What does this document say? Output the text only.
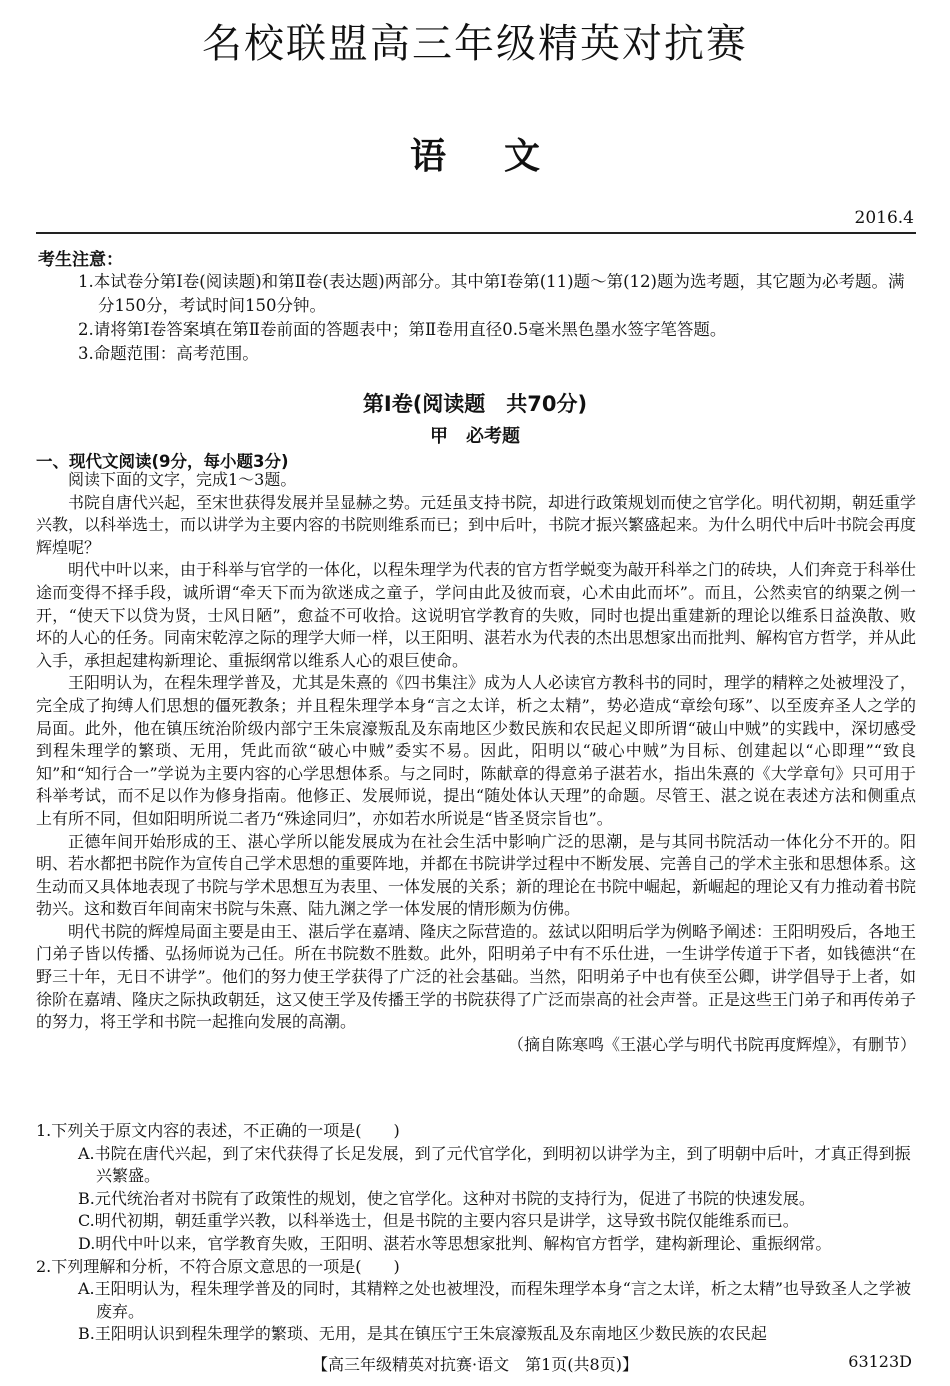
名校联盟高三年级精英对抗赛
语文
2016.4
考生注意：

1.本试卷分第Ⅰ卷(阅读题)和第Ⅱ卷(表达题)两部分。其中第Ⅰ卷第(11)题～第(12)题为选考题，其它题为必考题。满分150分，考试时间150分钟。

2.请将第Ⅰ卷答案填在第Ⅱ卷前面的答题表中；第Ⅱ卷用直径0.5毫米黑色墨水签字笔答题。

3.命题范围：高考范围。

第Ⅰ卷(阅读题　共70分)
甲　必考题
一、现代文阅读(9分，每小题3分)

阅读下面的文字，完成1～3题。

书院自唐代兴起，至宋世获得发展并呈显赫之势。元廷虽支持书院，却进行政策规划而使之官学化。明代初期，朝廷重学兴教，以科举选士，而以讲学为主要内容的书院则维系而已；到中后叶，书院才振兴繁盛起来。为什么明代中后叶书院会再度辉煌呢？

明代中叶以来，由于科举与官学的一体化，以程朱理学为代表的官方哲学蜕变为敲开科举之门的砖块，人们奔竞于科举仕途而变得不择手段，诚所谓“牵天下而为欲迷成之童子，学问由此及彼而衰，心术由此而坏”。而且，公然卖官的纳粟之例一开，“使天下以贷为贤，士风日陋”，愈益不可收拾。这说明官学教育的失败，同时也提出重建新的理论以维系日益涣散、败坏的人心的任务。同南宋乾淳之际的理学大师一样，以王阳明、湛若水为代表的杰出思想家出而批判、解构官方哲学，并从此入手，承担起建构新理论、重振纲常以维系人心的艰巨使命。

王阳明认为，在程朱理学普及，尤其是朱熹的《四书集注》成为人人必读官方教科书的同时，理学的精粹之处被埋没了，完全成了拘缚人们思想的僵死教条；并且程朱理学本身“言之太详，析之太精”，势必造成“章绘句琢”、以至废弃圣人之学的局面。此外，他在镇压统治阶级内部宁王朱宸濠叛乱及东南地区少数民族和农民起义即所谓“破山中贼”的实践中，深切感受到程朱理学的繁琐、无用，凭此而欲“破心中贼”委实不易。因此，阳明以“破心中贼”为目标、创建起以“心即理”“致良知”和“知行合一”学说为主要内容的心学思想体系。与之同时，陈献章的得意弟子湛若水，指出朱熹的《大学章句》只可用于科举考试，而不足以作为修身指南。他修正、发展师说，提出“随处体认天理”的命题。尽管王、湛之说在表述方法和侧重点上有所不同，但如阳明所说二者乃“殊途同归”，亦如若水所说是“皆圣贤宗旨也”。

正德年间开始形成的王、湛心学所以能发展成为在社会生活中影响广泛的思潮，是与其同书院活动一体化分不开的。阳明、若水都把书院作为宣传自己学术思想的重要阵地，并都在书院讲学过程中不断发展、完善自己的学术主张和思想体系。这生动而又具体地表现了书院与学术思想互为表里、一体发展的关系；新的理论在书院中崛起，新崛起的理论又有力推动着书院勃兴。这和数百年间南宋书院与朱熹、陆九渊之学一体发展的情形颇为仿佛。

明代书院的辉煌局面主要是由王、湛后学在嘉靖、隆庆之际营造的。兹试以阳明后学为例略予阐述：王阳明殁后，各地王门弟子皆以传播、弘扬师说为己任。所在书院数不胜数。此外，阳明弟子中有不乐仕进，一生讲学传道于下者，如钱德洪“在野三十年，无日不讲学”。他们的努力使王学获得了广泛的社会基础。当然，阳明弟子中也有侠至公卿，讲学倡导于上者，如徐阶在嘉靖、隆庆之际执政朝廷，这又使王学及传播王学的书院获得了广泛而崇高的社会声誉。正是这些王门弟子和再传弟子的努力，将王学和书院一起推向发展的高潮。

（摘自陈寒鸣《王湛心学与明代书院再度辉煌》，有删节）

1.下列关于原文内容的表述，不正确的一项是(　　)

A.书院在唐代兴起，到了宋代获得了长足发展，到了元代官学化，到明初以讲学为主，到了明朝中后叶，才真正得到振兴繁盛。

B.元代统治者对书院有了政策性的规划，使之官学化。这种对书院的支持行为，促进了书院的快速发展。

C.明代初期，朝廷重学兴教，以科举选士，但是书院的主要内容只是讲学，这导致书院仅能维系而已。

D.明代中叶以来，官学教育失败，王阳明、湛若水等思想家批判、解构官方哲学，建构新理论、重振纲常。

2.下列理解和分析，不符合原文意思的一项是(　　)

A.王阳明认为，程朱理学普及的同时，其精粹之处也被埋没，而程朱理学本身“言之太详，析之太精”也导致圣人之学被废弃。

B.王阳明认识到程朱理学的繁琐、无用，是其在镇压宁王朱宸濠叛乱及东南地区少数民族的农民起

【高三年级精英对抗赛·语文　第1页(共8页)】	63123D
